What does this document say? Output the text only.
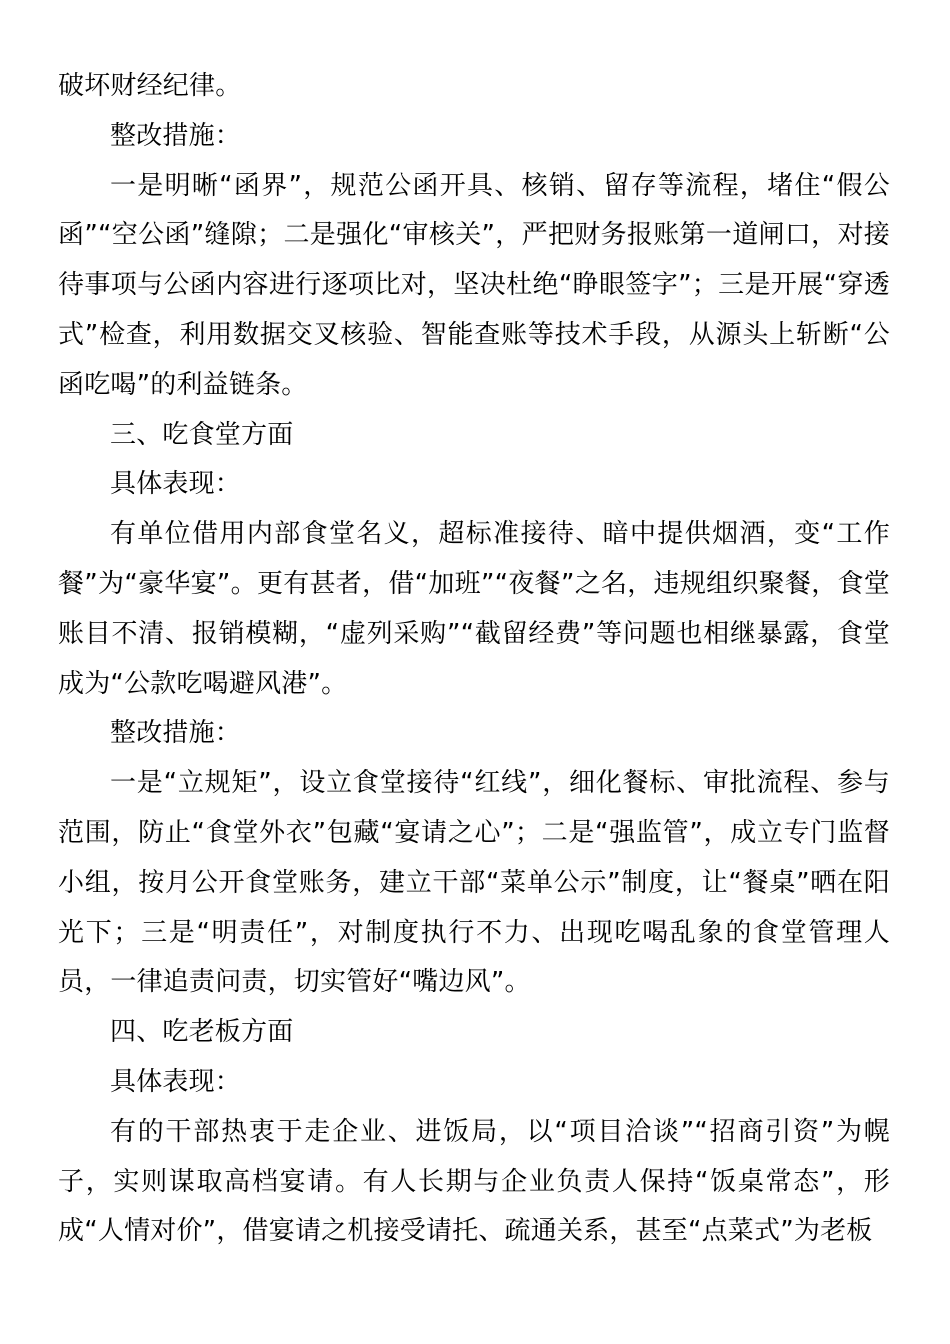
破坏财经纪律。

整改措施：

一是明晰“函界”，规范公函开具、核销、留存等流程，堵住“假公函”“空公函”缝隙；二是强化“审核关”，严把财务报账第一道闸口，对接待事项与公函内容进行逐项比对，坚决杜绝“睁眼签字”；三是开展“穿透式”检查，利用数据交叉核验、智能查账等技术手段，从源头上斩断“公函吃喝”的利益链条。

三、吃食堂方面

具体表现：

有单位借用内部食堂名义，超标准接待、暗中提供烟酒，变“工作餐”为“豪华宴”。更有甚者，借“加班”“夜餐”之名，违规组织聚餐，食堂账目不清、报销模糊，“虚列采购”“截留经费”等问题也相继暴露，食堂成为“公款吃喝避风港”。

整改措施：

一是“立规矩”，设立食堂接待“红线”，细化餐标、审批流程、参与范围，防止“食堂外衣”包藏“宴请之心”；二是“强监管”，成立专门监督小组，按月公开食堂账务，建立干部“菜单公示”制度，让“餐桌”晒在阳光下；三是“明责任”，对制度执行不力、出现吃喝乱象的食堂管理人员，一律追责问责，切实管好“嘴边风”。

四、吃老板方面

具体表现：

有的干部热衷于走企业、进饭局，以“项目洽谈”“招商引资”为幌子，实则谋取高档宴请。有人长期与企业负责人保持“饭桌常态”，形成“人情对价”，借宴请之机接受请托、疏通关系，甚至“点菜式”为老板
